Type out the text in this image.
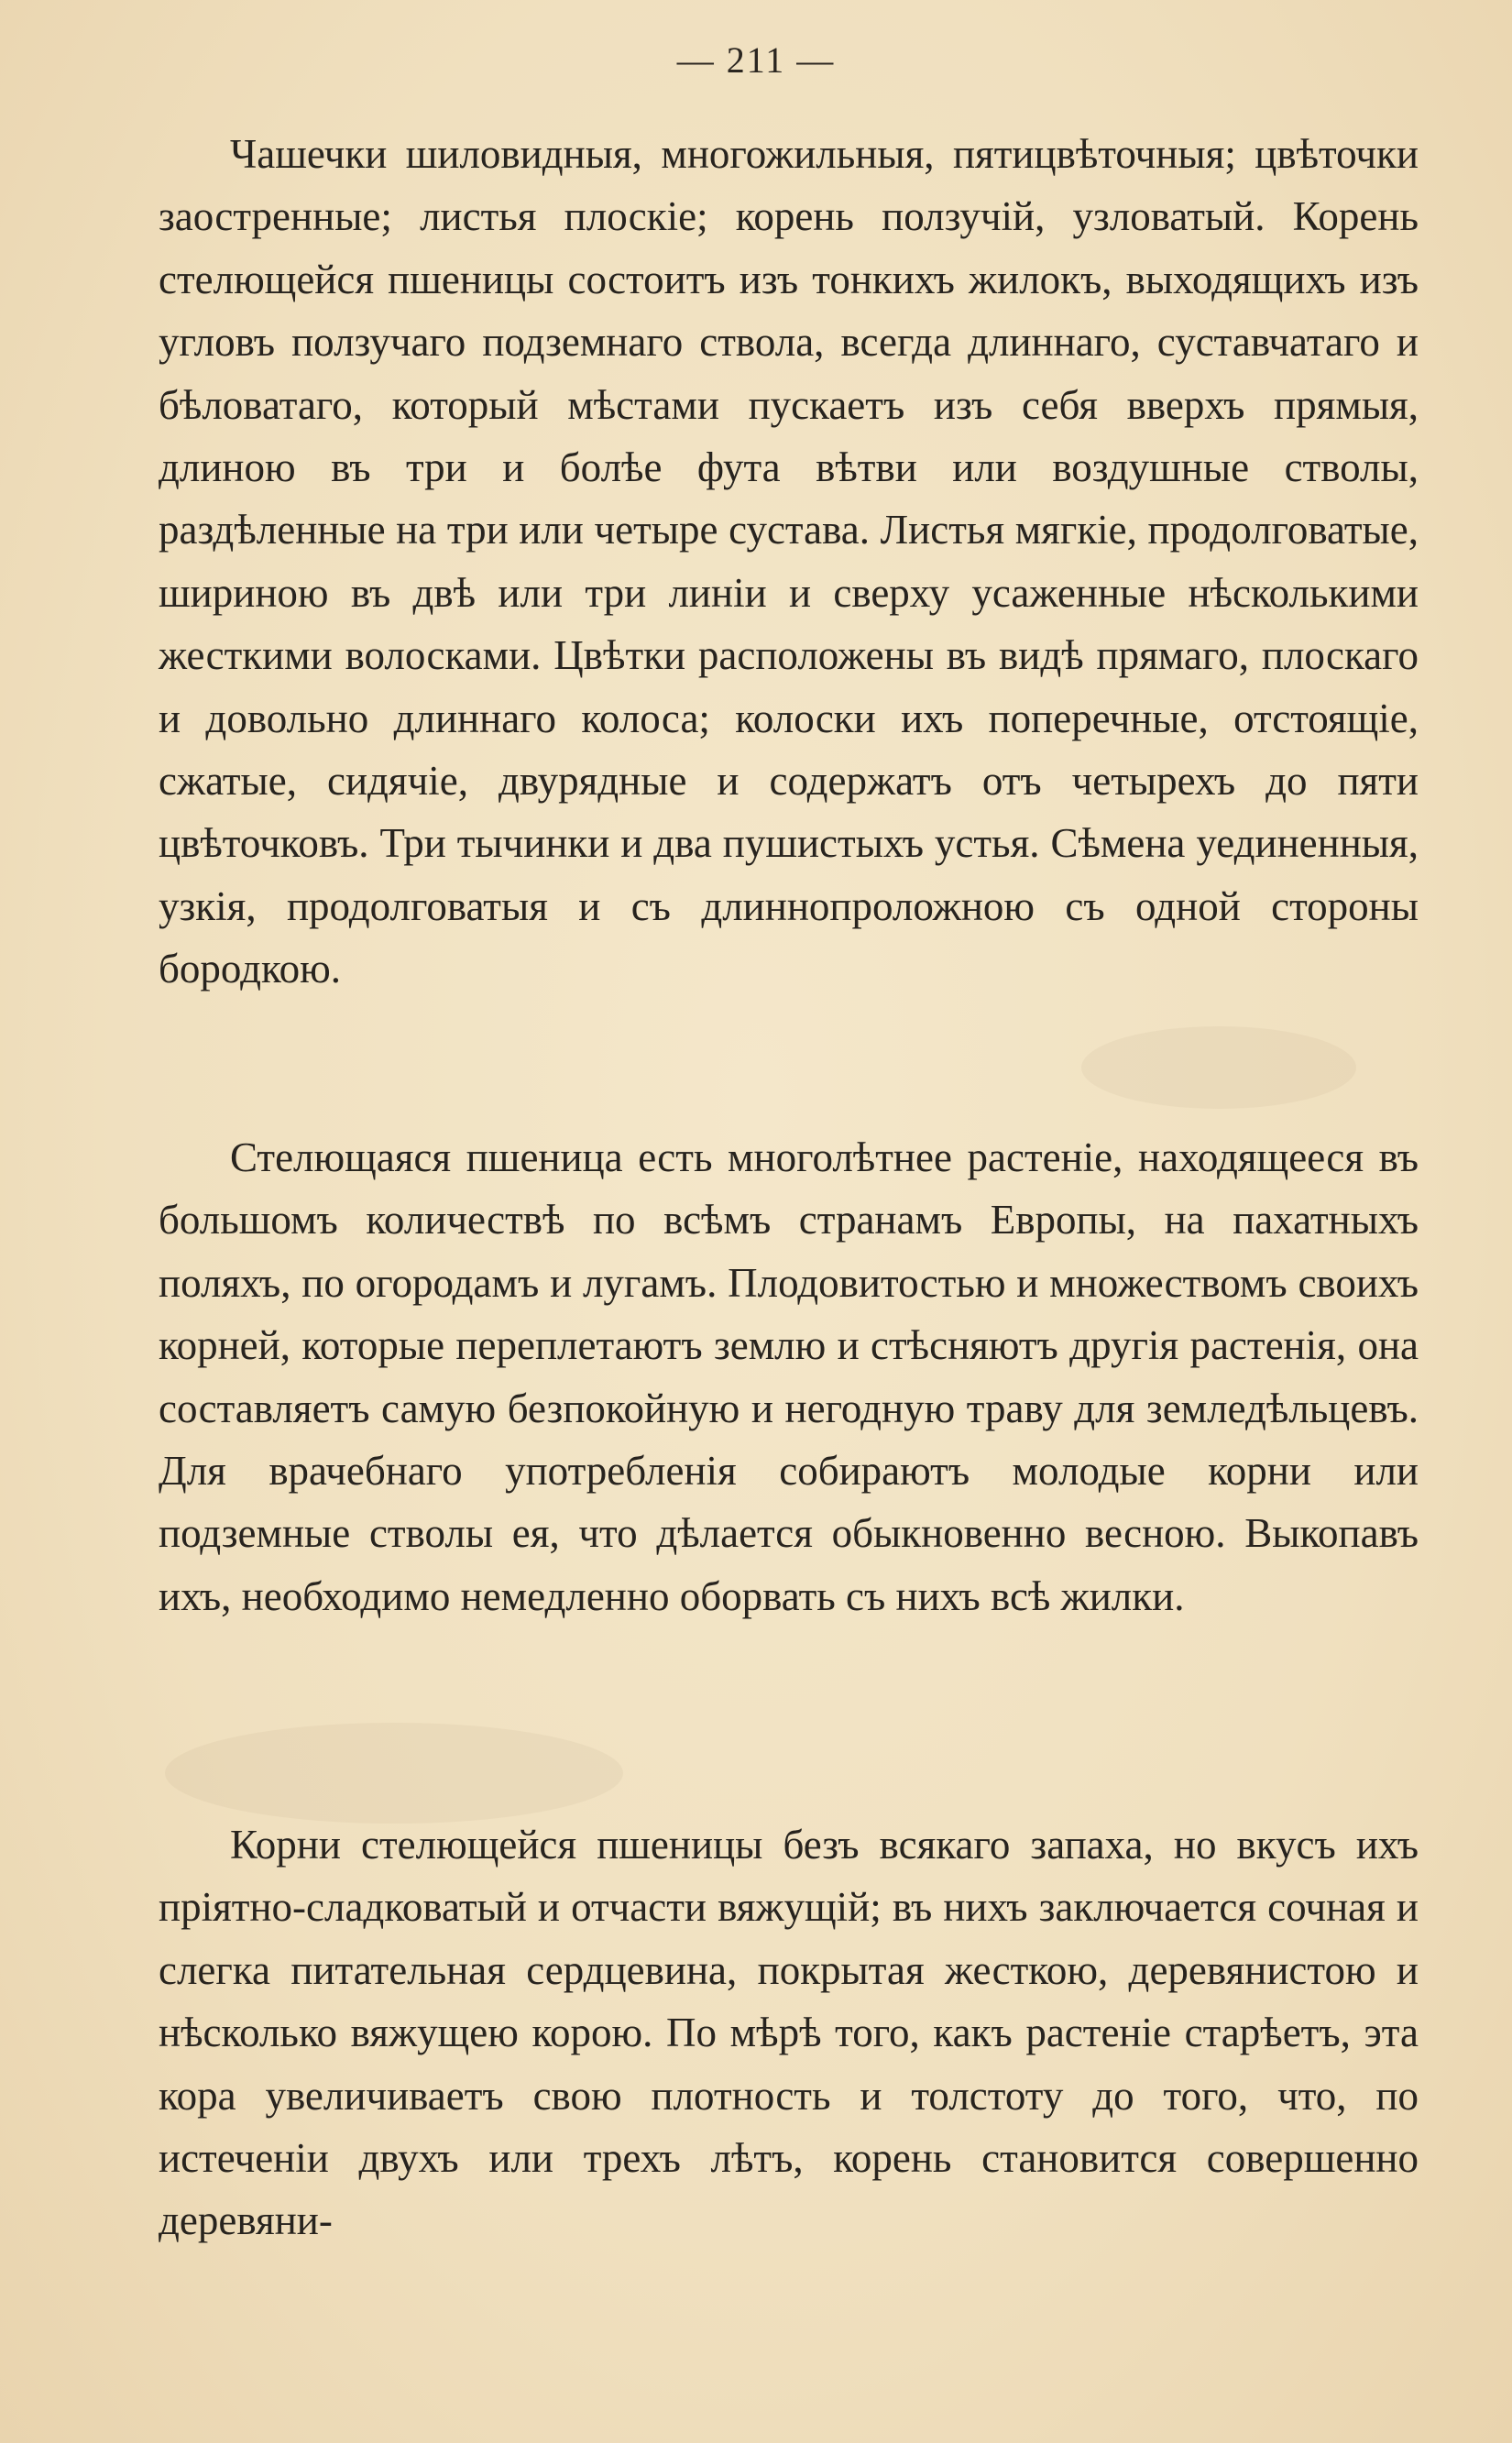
— 211 —

Чашечки шиловидныя, многожильныя, пятицвѣточныя; цвѣточки заостренные; листья плоскіе; корень ползучій, узловатый. Корень стелющейся пшеницы состоитъ изъ тонкихъ жилокъ, выходящихъ изъ угловъ ползучаго подземнаго ствола, всегда длиннаго, суставчатаго и бѣловатаго, который мѣстами пускаетъ изъ себя вверхъ прямыя, длиною въ три и болѣе фута вѣтви или воздушные стволы, раздѣленные на три или четыре сустава. Листья мягкіе, продолговатые, шириною въ двѣ или три линіи и сверху усаженные нѣсколькими жесткими волосками. Цвѣтки расположены въ видѣ прямаго, плоскаго и довольно длиннаго колоса; колоски ихъ поперечные, отстоящіе, сжатые, сидячіе, двурядные и содержатъ отъ четырехъ до пяти цвѣточковъ. Три тычинки и два пушистыхъ устья. Сѣмена уединенныя, узкія, продолговатыя и съ длиннопроложною съ одной стороны бородкою.

Стелющаяся пшеница есть многолѣтнее растеніе, находящееся въ большомъ количествѣ по всѣмъ странамъ Европы, на пахатныхъ поляхъ, по огородамъ и лугамъ. Плодовитостью и множествомъ своихъ корней, которые переплетаютъ землю и стѣсняютъ другія растенія, она составляетъ самую безпокойную и негодную траву для земледѣльцевъ. Для врачебнаго употребленія собираютъ молодые корни или подземные стволы ея, что дѣлается обыкновенно весною. Выкопавъ ихъ, необходимо немедленно оборвать съ нихъ всѣ жилки.

Корни стелющейся пшеницы безъ всякаго запаха, но вкусъ ихъ пріятно-сладковатый и отчасти вяжущій; въ нихъ заключается сочная и слегка питательная сердцевина, покрытая жесткою, деревянистою и нѣсколько вяжущею корою. По мѣрѣ того, какъ растеніе старѣетъ, эта кора увеличиваетъ свою плотность и толстоту до того, что, по истеченіи двухъ или трехъ лѣтъ, корень становится совершенно деревяни-
